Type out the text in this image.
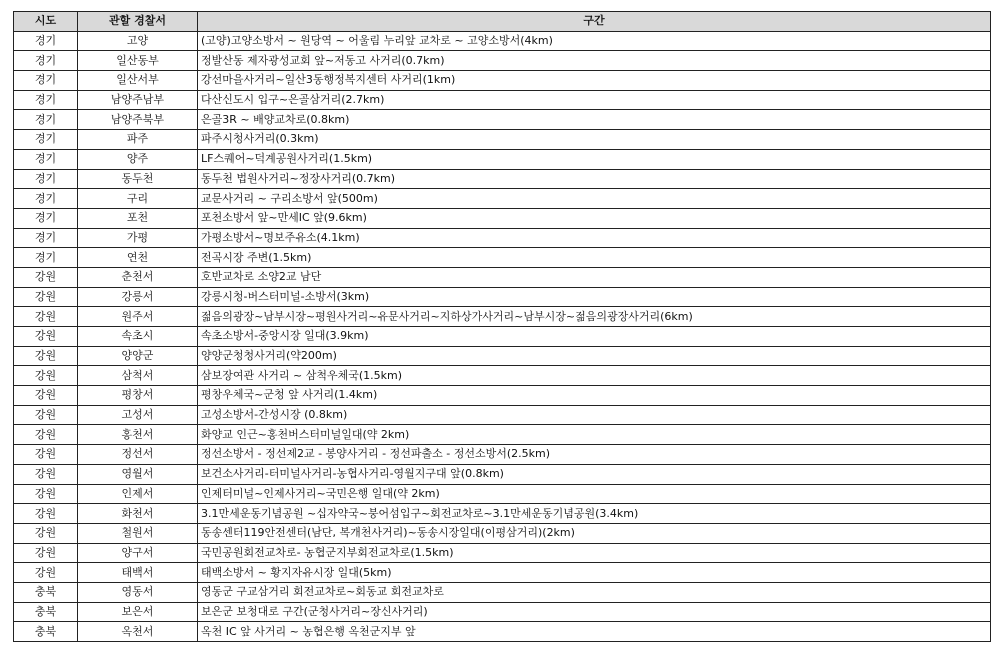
시도	관할 경찰서	구간
경기	고양	(고양)고양소방서 ~ 원당역 ~ 어울림 누리앞 교차로 ~ 고양소방서(4km)
경기	일산동부	정발산동 제자광성교회 앞~저동고 사거리(0.7km)
경기	일산서부	강선마을사거리~일산3동행정복지센터 사거리(1km)
경기	남양주남부	다산신도시 입구~은골삼거리(2.7km)
경기	남양주북부	은골3R ~ 배양교차로(0.8km)
경기	파주	파주시청사거리(0.3km)
경기	양주	LF스퀘어~덕계공원사거리(1.5km)
경기	동두천	동두천 법원사거리~정장사거리(0.7km)
경기	구리	교문사거리 ~ 구리소방서 앞(500m)
경기	포천	포천소방서 앞~만세IC 앞(9.6km)
경기	가평	가평소방서~명보주유소(4.1km)
경기	연천	전곡시장 주변(1.5km)
강원	춘천서	호반교차로 소양2교 남단
강원	강릉서	강릉시청-버스터미널-소방서(3km)
강원	원주서	젊음의광장~남부시장~평원사거리~유문사거리~지하상가사거리~남부시장~젊음의광장사거리(6km)
강원	속초시	속초소방서-중앙시장 일대(3.9km)
강원	양양군	양양군청청사거리(약200m)
강원	삼척서	삼보장여관 사거리 ~ 삼척우체국(1.5km)
강원	평창서	평창우체국~군청 앞 사거리(1.4km)
강원	고성서	고성소방서-간성시장 (0.8km)
강원	홍천서	화양교 인근~홍천버스터미널일대(약 2km)
강원	정선서	정선소방서 - 정선제2교 - 봉양사거리 - 정선파출소 - 정선소방서(2.5km)
강원	영월서	보건소사거리-터미널사거리-농협사거리-영월지구대 앞(0.8km)
강원	인제서	인제터미널~인제사거리~국민은행 일대(약 2km)
강원	화천서	3.1만세운동기념공원 ~십자약국~붕어섬입구~회전교차로~3.1만세운동기념공원(3.4km)
강원	철원서	동송센터119안전센터(남단, 복개천사거리)~동송시장일대(이평삼거리)(2km)
강원	양구서	국민공원회전교차로- 농협군지부회전교차로(1.5km)
강원	태백서	태백소방서 ~ 황지자유시장 일대(5km)
충북	영동서	영동군 구교삼거리 회전교차로~회동교 회전교차로
충북	보은서	보은군 보청대로 구간(군청사거리~장신사거리)
충북	옥천서	옥천 IC 앞 사거리 ~ 농협은행 옥천군지부 앞
